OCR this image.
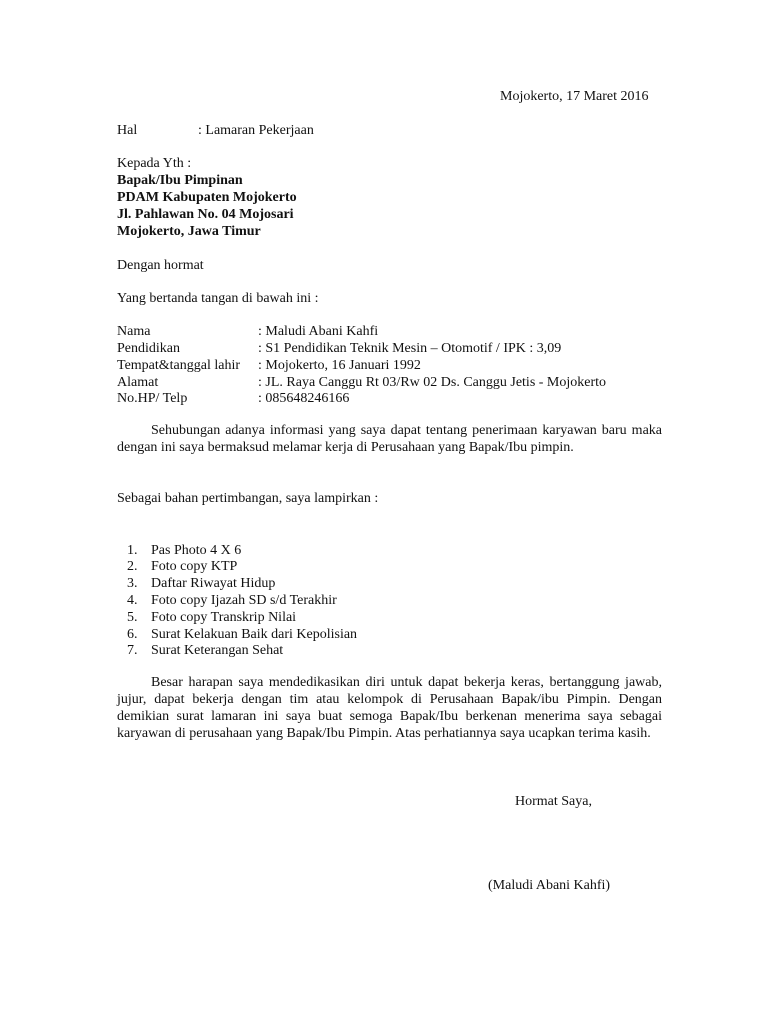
Mojokerto, 17 Maret 2016
Hal	: Lamaran Pekerjaan
Kepada Yth :
Bapak/Ibu Pimpinan
PDAM Kabupaten Mojokerto
Jl. Pahlawan No. 04 Mojosari
Mojokerto, Jawa Timur
Dengan hormat
Yang bertanda tangan di bawah ini :
Nama	: Maludi Abani Kahfi
Pendidikan	: S1 Pendidikan Teknik Mesin – Otomotif / IPK : 3,09
Tempat&tanggal lahir : Mojokerto, 16 Januari 1992
Alamat	: JL. Raya Canggu Rt 03/Rw 02 Ds. Canggu Jetis - Mojokerto
No.HP/ Telp	: 085648246166
Sehubungan adanya informasi yang saya dapat tentang penerimaan karyawan baru maka dengan ini saya bermaksud melamar kerja di Perusahaan yang Bapak/Ibu pimpin.
Sebagai bahan pertimbangan, saya lampirkan :
1. Pas Photo 4 X 6
2. Foto copy KTP
3. Daftar Riwayat Hidup
4. Foto copy Ijazah SD s/d Terakhir
5. Foto copy Transkrip Nilai
6. Surat Kelakuan Baik dari Kepolisian
7. Surat Keterangan Sehat
Besar harapan saya mendedikasikan diri untuk dapat bekerja keras, bertanggung jawab, jujur, dapat bekerja dengan tim atau kelompok di Perusahaan Bapak/ibu Pimpin. Dengan demikian surat lamaran ini saya buat semoga Bapak/Ibu berkenan menerima saya sebagai karyawan di perusahaan yang Bapak/Ibu Pimpin. Atas perhatiannya saya ucapkan terima kasih.
Hormat Saya,
(Maludi Abani Kahfi)
